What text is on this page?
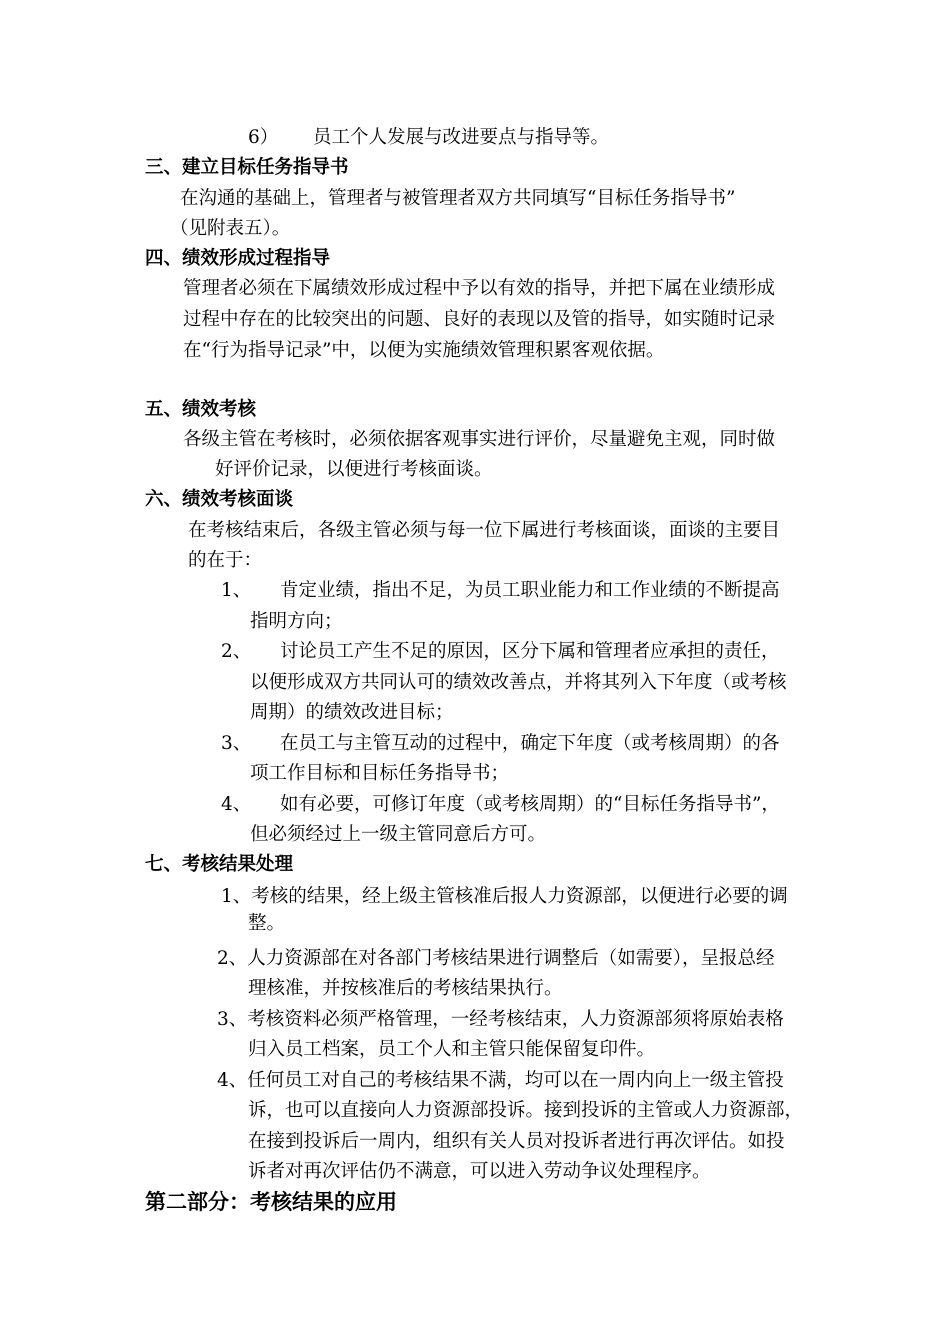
6） 员工个人发展与改进要点与指导等。
三、建立目标任务指导书
在沟通的基础上，管理者与被管理者双方共同填写“目标任务指导书”
（见附表五）。
四、绩效形成过程指导
管理者必须在下属绩效形成过程中予以有效的指导，并把下属在业绩形成
过程中存在的比较突出的问题、良好的表现以及管的指导，如实随时记录
在“行为指导记录”中，以便为实施绩效管理积累客观依据。
五、绩效考核
各级主管在考核时，必须依据客观事实进行评价，尽量避免主观，同时做
好评价记录，以便进行考核面谈。
六、绩效考核面谈
在考核结束后，各级主管必须与每一位下属进行考核面谈，面谈的主要目
的在于：
1、 肯定业绩，指出不足，为员工职业能力和工作业绩的不断提高
指明方向；
2、 讨论员工产生不足的原因，区分下属和管理者应承担的责任，
以便形成双方共同认可的绩效改善点，并将其列入下年度（或考核
周期）的绩效改进目标；
3、 在员工与主管互动的过程中，确定下年度（或考核周期）的各
项工作目标和目标任务指导书；
4、 如有必要，可修订年度（或考核周期）的“目标任务指导书”，
但必须经过上一级主管同意后方可。
七、考核结果处理
1、考核的结果，经上级主管核准后报人力资源部，以便进行必要的调
整。
2、人力资源部在对各部门考核结果进行调整后（如需要），呈报总经
理核准，并按核准后的考核结果执行。
3、考核资料必须严格管理，一经考核结束，人力资源部须将原始表格
归入员工档案，员工个人和主管只能保留复印件。
4、任何员工对自己的考核结果不满，均可以在一周内向上一级主管投
诉，也可以直接向人力资源部投诉。接到投诉的主管或人力资源部，
在接到投诉后一周内，组织有关人员对投诉者进行再次评估。如投
诉者对再次评估仍不满意，可以进入劳动争议处理程序。
第二部分：考核结果的应用
